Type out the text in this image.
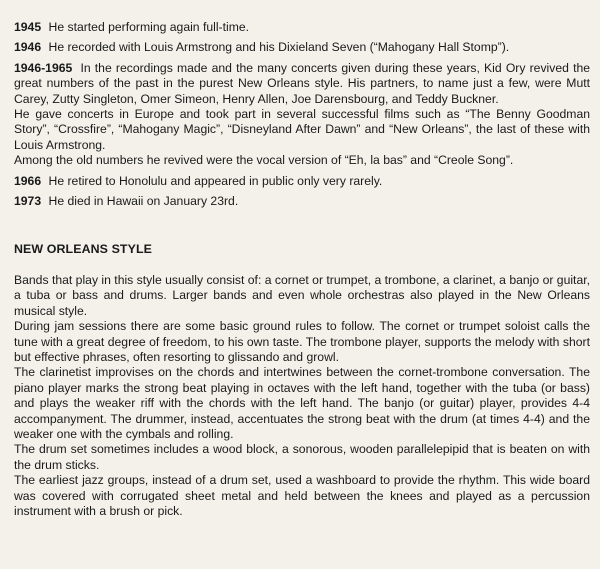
1945 He started performing again full-time.
1946 He recorded with Louis Armstrong and his Dixieland Seven (“Mahogany Hall Stomp”).
1946-1965 In the recordings made and the many concerts given during these years, Kid Ory revived the great numbers of the past in the purest New Orleans style. His partners, to name just a few, were Mutt Carey, Zutty Singleton, Omer Simeon, Henry Allen, Joe Darensbourg, and Teddy Buckner.

He gave concerts in Europe and took part in several successful films such as “The Benny Goodman Story”, “Crossfire”, “Mahogany Magic”, “Disneyland After Dawn” and “New Orleans”, the last of these with Louis Armstrong.

Among the old numbers he revived were the vocal version of “Eh, la bas” and “Creole Song”.

1966 He retired to Honolulu and appeared in public only very rarely.
1973 He died in Hawaii on January 23rd.
NEW ORLEANS STYLE

Bands that play in this style usually consist of: a cornet or trumpet, a trombone, a clarinet, a banjo or guitar, a tuba or bass and drums. Larger bands and even whole orchestras also played in the New Orleans musical style.

During jam sessions there are some basic ground rules to follow. The cornet or trumpet soloist calls the tune with a great degree of freedom, to his own taste. The trombone player, supports the melody with short but effective phrases, often resorting to glissando and growl.

The clarinetist improvises on the chords and intertwines between the cornet-trombone conversation. The piano player marks the strong beat playing in octaves with the left hand, together with the tuba (or bass) and plays the weaker riff with the chords with the left hand. The banjo (or guitar) player, provides 4-4 accompanyment. The drummer, instead, accentuates the strong beat with the drum (at times 4-4) and the weaker one with the cymbals and rolling.

The drum set sometimes includes a wood block, a sonorous, wooden parallelepipid that is beaten on with the drum sticks.

The earliest jazz groups, instead of a drum set, used a washboard to provide the rhythm. This wide board was covered with corrugated sheet metal and held between the knees and played as a percussion instrument with a brush or pick.
